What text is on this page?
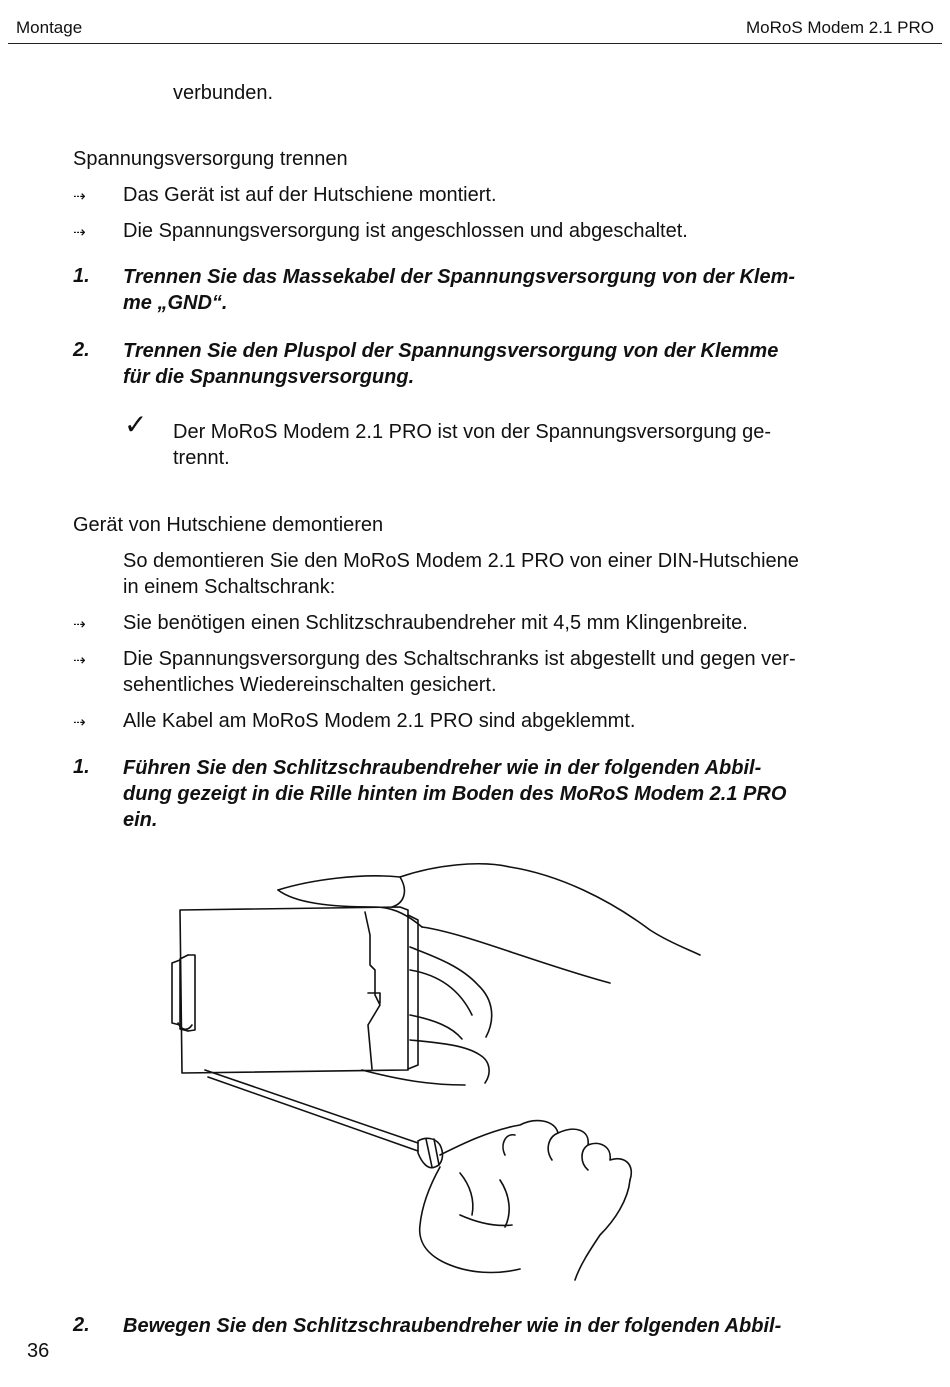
Montage	MoRoS Modem 2.1 PRO
verbunden.
Spannungsversorgung trennen
⇢ Das Gerät ist auf der Hutschiene montiert.
⇢ Die Spannungsversorgung ist angeschlossen und abgeschaltet.
1. Trennen Sie das Massekabel der Spannungsversorgung von der Klem-
me „GND“.
2. Trennen Sie den Pluspol der Spannungsversorgung von der Klemme
für die Spannungsversorgung.
✓ Der MoRoS Modem 2.1 PRO ist von der Spannungsversorgung ge-
trennt.
Gerät von Hutschiene demontieren
So demontieren Sie den MoRoS Modem 2.1 PRO von einer DIN-Hutschiene
in einem Schaltschrank:
⇢ Sie benötigen einen Schlitzschraubendreher mit 4,5 mm Klingenbreite.
⇢ Die Spannungsversorgung des Schaltschranks ist abgestellt und gegen ver-
sehentliches Wiedereinschalten gesichert.
⇢ Alle Kabel am MoRoS Modem 2.1 PRO sind abgeklemmt.
1. Führen Sie den Schlitzschraubendreher wie in der folgenden Abbil-
dung gezeigt in die Rille hinten im Boden des MoRoS Modem 2.1 PRO
ein.
2. Bewegen Sie den Schlitzschraubendreher wie in der folgenden Abbil-
36
